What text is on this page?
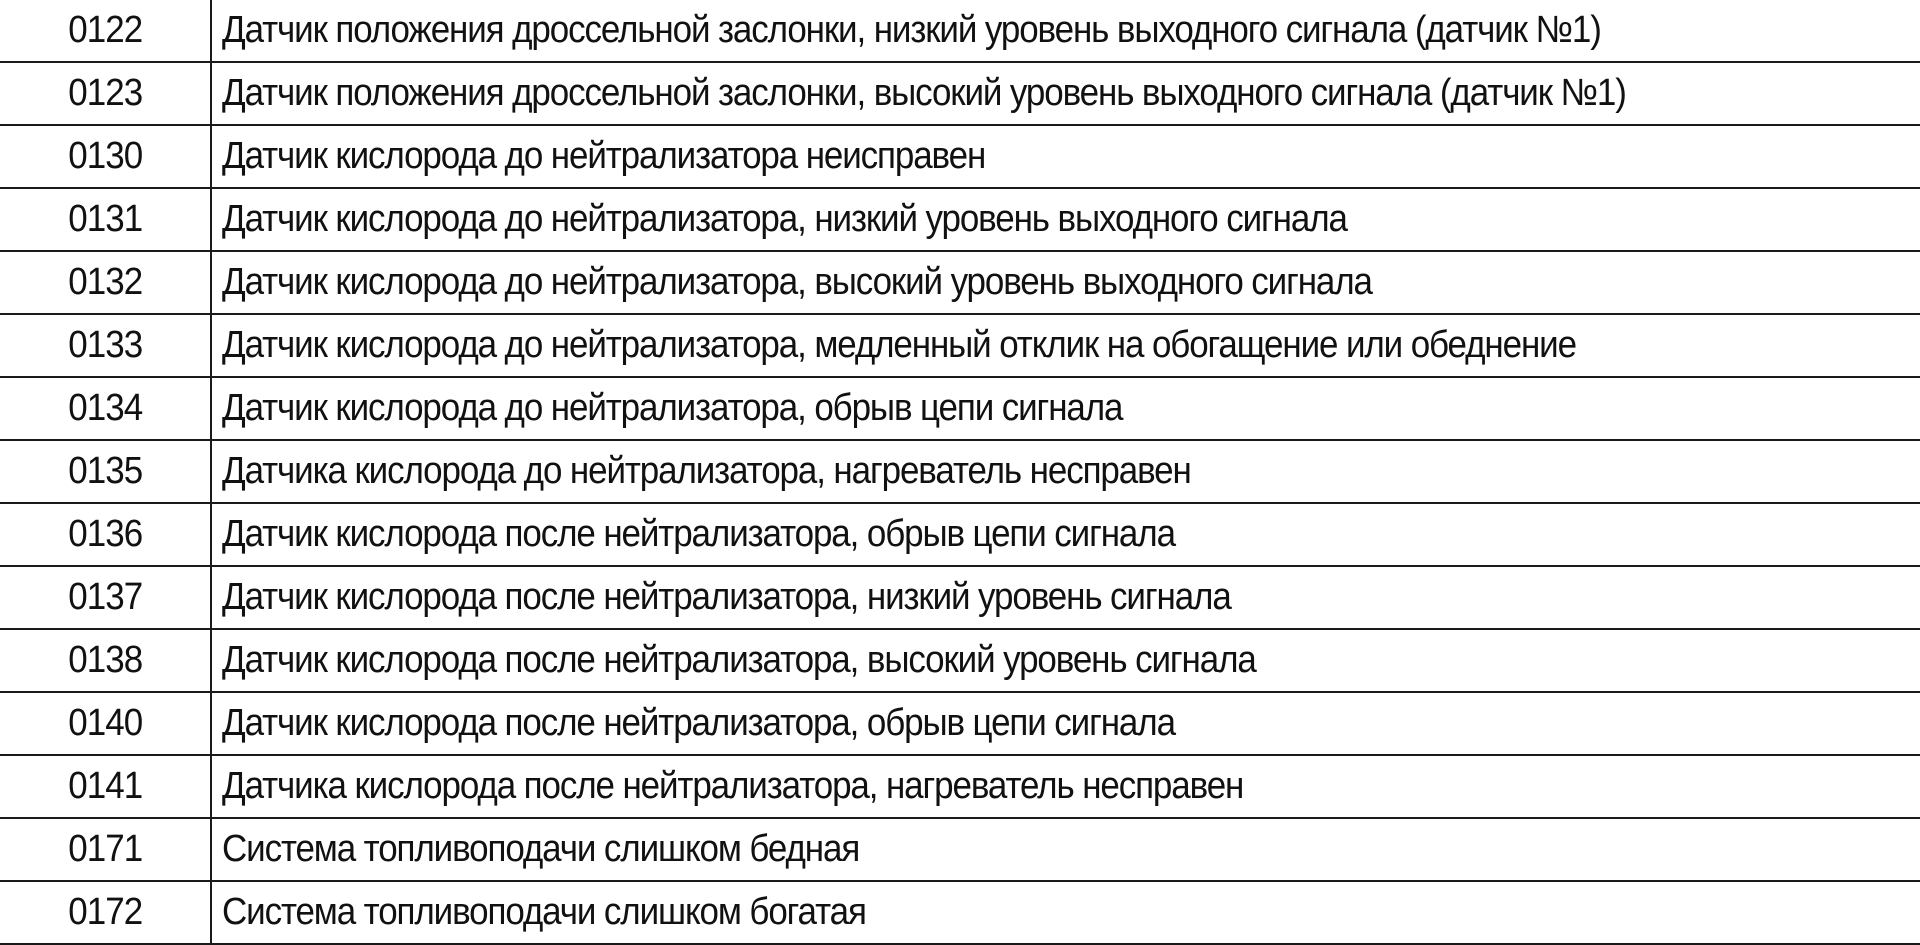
0122	Датчик положения дроссельной заслонки, низкий уровень выходного сигнала (датчик №1)
0123	Датчик положения дроссельной заслонки, высокий уровень выходного сигнала (датчик №1)
0130	Датчик кислорода до нейтрализатора неисправен
0131	Датчик кислорода до нейтрализатора, низкий уровень выходного сигнала
0132	Датчик кислорода до нейтрализатора, высокий уровень выходного сигнала
0133	Датчик кислорода до нейтрализатора, медленный отклик на обогащение или обеднение
0134	Датчик кислорода до нейтрализатора, обрыв цепи сигнала
0135	Датчика кислорода до нейтрализатора, нагреватель несправен
0136	Датчик кислорода после нейтрализатора, обрыв цепи сигнала
0137	Датчик кислорода после нейтрализатора, низкий уровень сигнала
0138	Датчик кислорода после нейтрализатора, высокий уровень сигнала
0140	Датчик кислорода после нейтрализатора, обрыв цепи сигнала
0141	Датчика кислорода после нейтрализатора, нагреватель несправен
0171	Система топливоподачи слишком бедная
0172	Система топливоподачи слишком богатая
